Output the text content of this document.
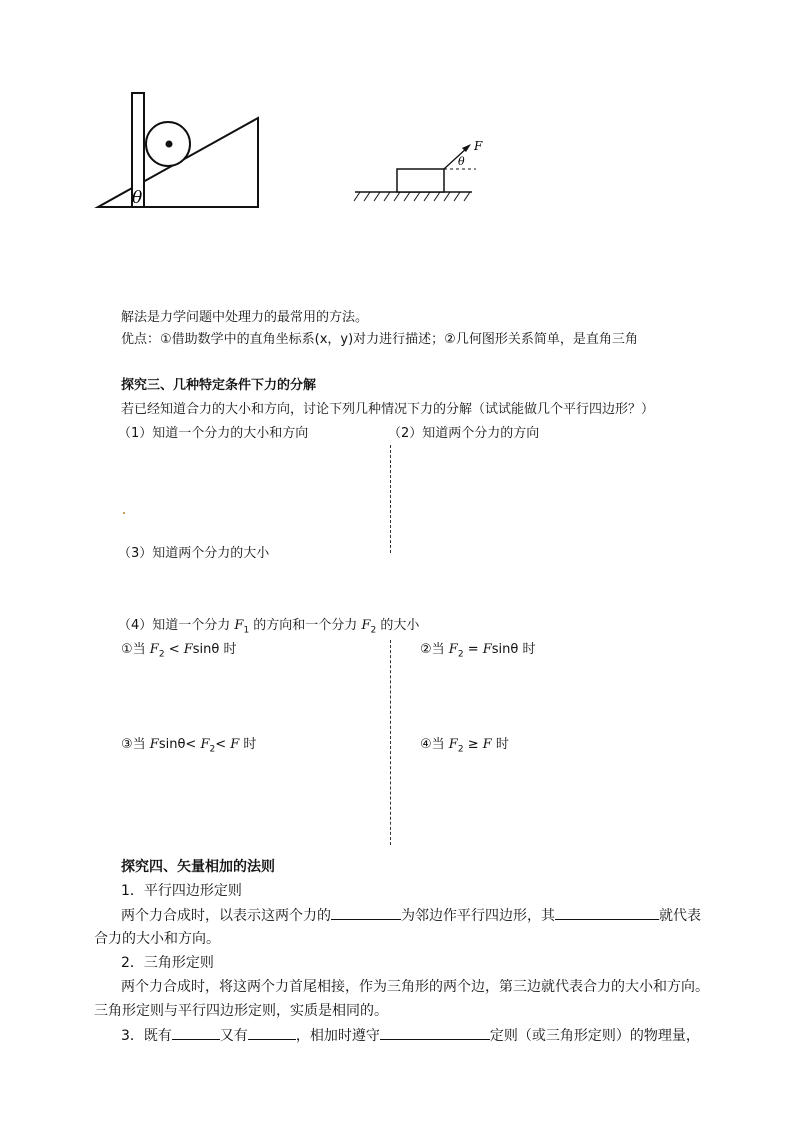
θ
F
θ
解法是力学问题中处理力的最常用的方法。
优点：①借助数学中的直角坐标系(x，y)对力进行描述；②几何图形关系简单，是直角三角
探究三、几种特定条件下力的分解
若已经知道合力的大小和方向，讨论下列几种情况下力的分解（试试能做几个平行四边形？）
（1）知道一个分力的大小和方向	（2）知道两个分力的方向
（3）知道两个分力的大小
（4）知道一个分力 $F_1$ 的方向和一个分力 $F_2$ 的大小
①当 $F_2 < Fsin\theta$ 时	②当 $F_2 = Fsin\theta$ 时
③当 $Fsin\theta< F_2< F$ 时	④当 $F_2 \ge F$ 时
探究四、矢量相加的法则
1．平行四边形定则
两个力合成时，以表示这两个力的	为邻边作平行四边形，其	就代表
合力的大小和方向。
2．三角形定则
两个力合成时，将这两个力首尾相接，作为三角形的两个边，第三边就代表合力的大小和方向。
三角形定则与平行四边形定则，实质是相同的。
3．既有	又有	，相加时遵守	定则（或三角形定则）的物理量，
